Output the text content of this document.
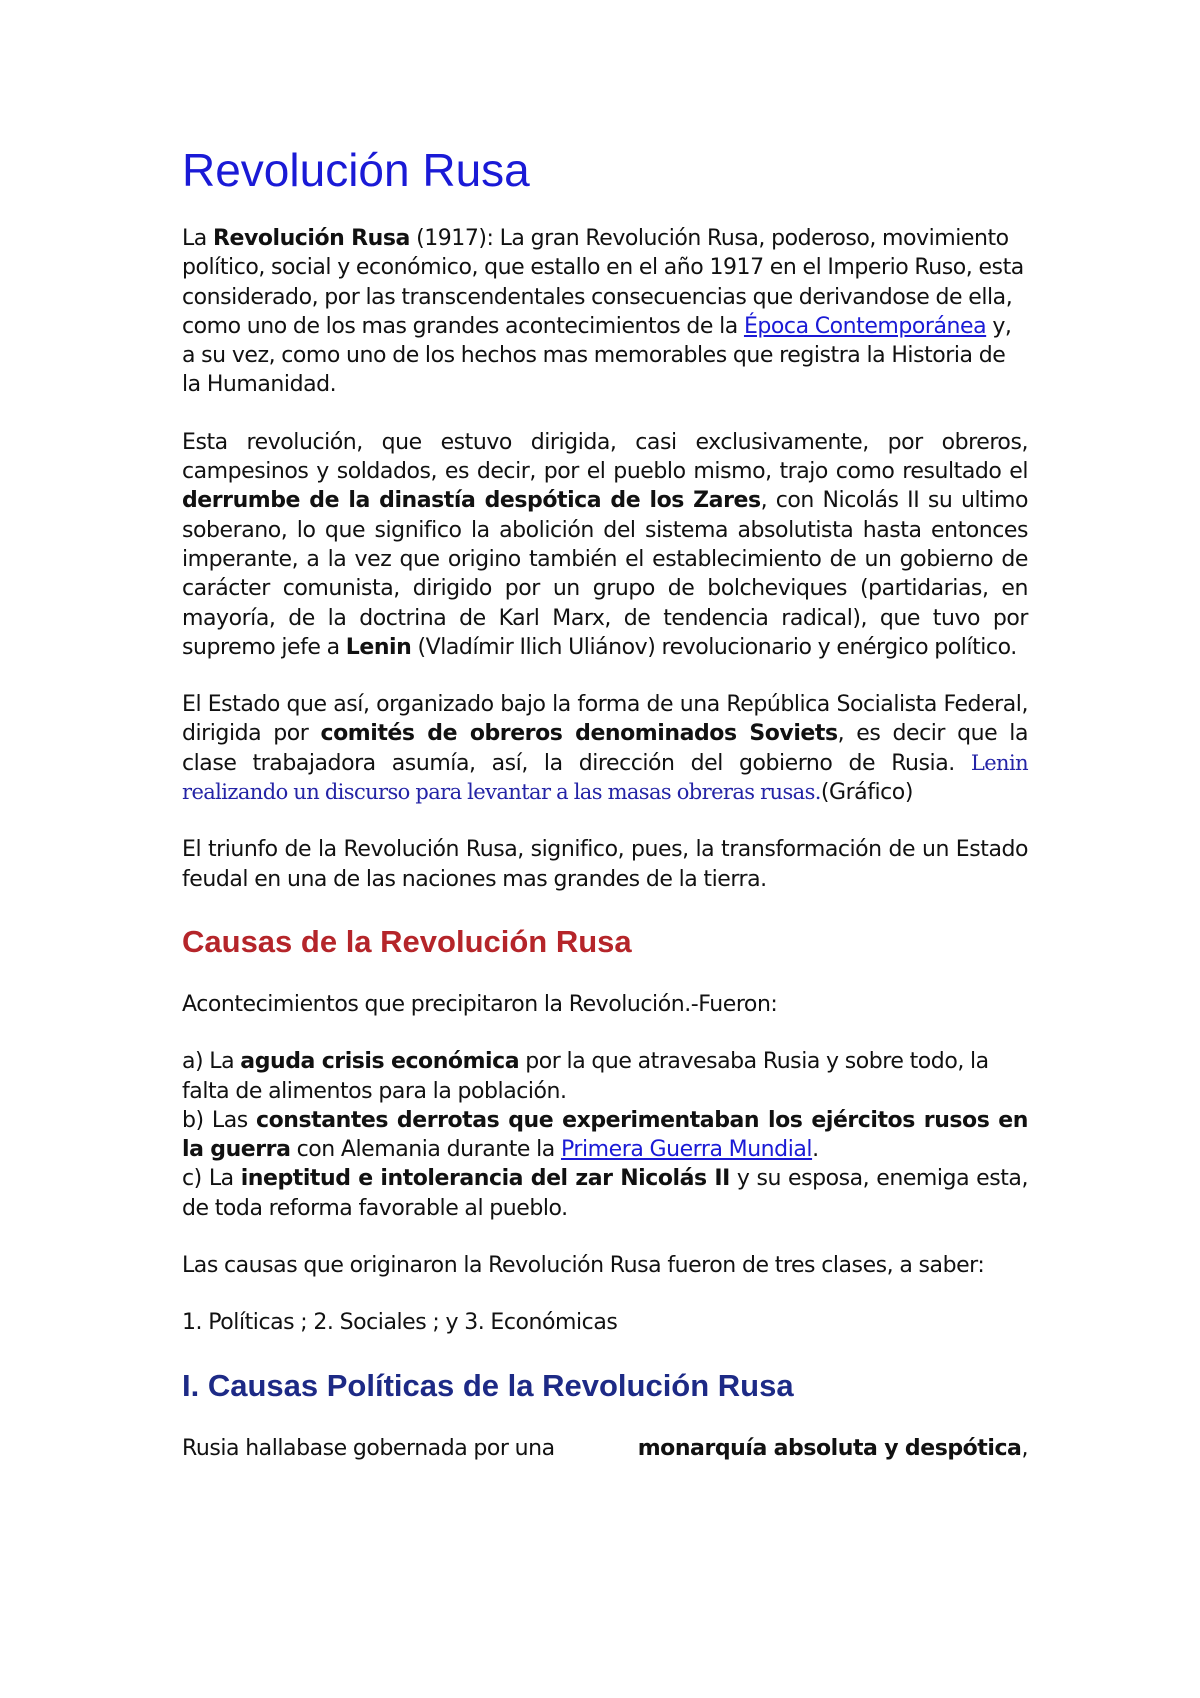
Revolución Rusa

La Revolución Rusa (1917): La gran Revolución Rusa, poderoso, movimiento político, social y económico, que estallo en el año 1917 en el Imperio Ruso, esta considerado, por las transcendentales consecuencias que derivandose de ella, como uno de los mas grandes acontecimientos de la Época Contemporánea y, a su vez, como uno de los hechos mas memorables que registra la Historia de la Humanidad.

Esta revolución, que estuvo dirigida, casi exclusivamente, por obreros, campesinos y soldados, es decir, por el pueblo mismo, trajo como resultado el derrumbe de la dinastía despótica de los Zares, con Nicolás II su ultimo soberano, lo que significo la abolición del sistema absolutista hasta entonces imperante, a la vez que origino también el establecimiento de un gobierno de carácter comunista, dirigido por un grupo de bolcheviques (partidarias, en mayoría, de la doctrina de Karl Marx, de tendencia radical), que tuvo por supremo jefe a Lenin (Vladímir Ilich Uliánov) revolucionario y enérgico político.

El Estado que así, organizado bajo la forma de una República Socialista Federal, dirigida por comités de obreros denominados Soviets, es decir que la clase trabajadora asumía, así, la dirección del gobierno de Rusia. Lenin realizando un discurso para levantar a las masas obreras rusas.(Gráfico)

El triunfo de la Revolución Rusa, significo, pues, la transformación de un Estado feudal en una de las naciones mas grandes de la tierra.

Causas de la Revolución Rusa

Acontecimientos que precipitaron la Revolución.-Fueron:

a) La aguda crisis económica por la que atravesaba Rusia y sobre todo, la falta de alimentos para la población.

b) Las constantes derrotas que experimentaban los ejércitos rusos en la guerra con Alemania durante la Primera Guerra Mundial.

c) La ineptitud e intolerancia del zar Nicolás II y su esposa, enemiga esta, de toda reforma favorable al pueblo.

Las causas que originaron la Revolución Rusa fueron de tres clases, a saber:

1. Políticas ; 2. Sociales ; y 3. Económicas

I. Causas Políticas de la Revolución Rusa

Rusia hallabase gobernada por una	monarquía absoluta y despótica,
